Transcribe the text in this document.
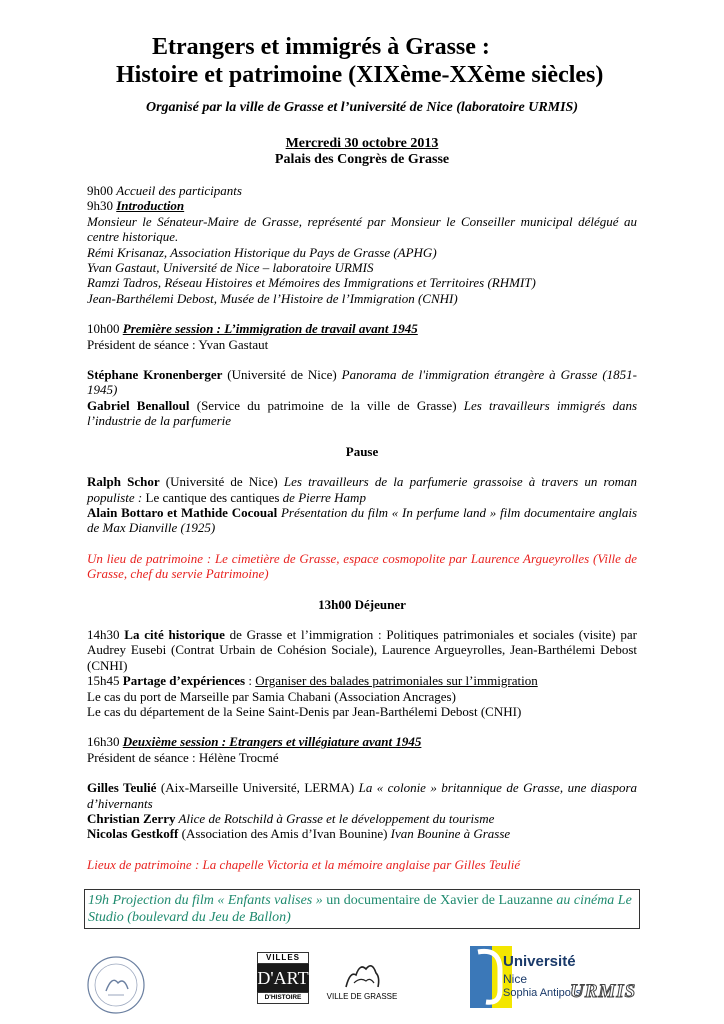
Etrangers et immigrés à Grasse :
Histoire et patrimoine (XIXème-XXème siècles)
Organisé par la ville de Grasse et l’université de Nice (laboratoire URMIS)
Mercredi 30 octobre 2013
Palais des Congrès de Grasse

9h00 Accueil des participants

9h30 Introduction

Monsieur le Sénateur-Maire de Grasse, représenté par Monsieur le Conseiller municipal délégué au centre historique.

Rémi Krisanaz, Association Historique du Pays de Grasse (APHG)

Yvan Gastaut, Université de Nice – laboratoire URMIS

Ramzi Tadros, Réseau Histoires et Mémoires des Immigrations et Territoires (RHMIT)

Jean-Barthélemi Debost, Musée de l’Histoire de l’Immigration (CNHI)

10h00 Première session : L’immigration de travail avant 1945

Président de séance : Yvan Gastaut

Stéphane Kronenberger (Université de Nice) Panorama de l'immigration étrangère à Grasse (1851-1945)

Gabriel Benalloul (Service du patrimoine de la ville de Grasse) Les travailleurs immigrés dans l’industrie de la parfumerie

Pause

Ralph Schor (Université de Nice) Les travailleurs de la parfumerie grassoise à travers un roman populiste : Le cantique des cantiques de Pierre Hamp

Alain Bottaro et Mathide Cocoual Présentation du film « In perfume land » film documentaire anglais de Max Dianville (1925)

Un lieu de patrimoine : Le cimetière de Grasse, espace cosmopolite par Laurence Argueyrolles (Ville de Grasse, chef du servie Patrimoine)

13h00 Déjeuner

14h30 La cité historique de Grasse et l’immigration : Politiques patrimoniales et sociales (visite) par Audrey Eusebi (Contrat Urbain de Cohésion Sociale), Laurence Argueyrolles, Jean-Barthélemi Debost (CNHI)

15h45 Partage d’expériences : Organiser des balades patrimoniales sur l’immigration

Le cas du port de Marseille par Samia Chabani (Association Ancrages)

Le cas du département de la Seine Saint-Denis par Jean-Barthélemi Debost (CNHI)

16h30 Deuxième session : Etrangers et villégiature avant 1945

Président de séance : Hélène Trocmé

Gilles Teulié (Aix-Marseille Université, LERMA) La « colonie » britannique de Grasse, une diaspora d’hivernants

Christian Zerry Alice de Rotschild à Grasse et le développement du tourisme

Nicolas Gestkoff (Association des Amis d’Ivan Bounine) Ivan Bounine à Grasse

Lieux de patrimoine : La chapelle Victoria et la mémoire anglaise par Gilles Teulié

19h Projection du film « Enfants valises » un documentaire de Xavier de Lauzanne au cinéma Le Studio (boulevard du Jeu de Ballon)
VILLES
D'ART
D'HISTOIRE	VILLE DE GRASSE
Université
Nice
Sophia Antipolis
URMIS
